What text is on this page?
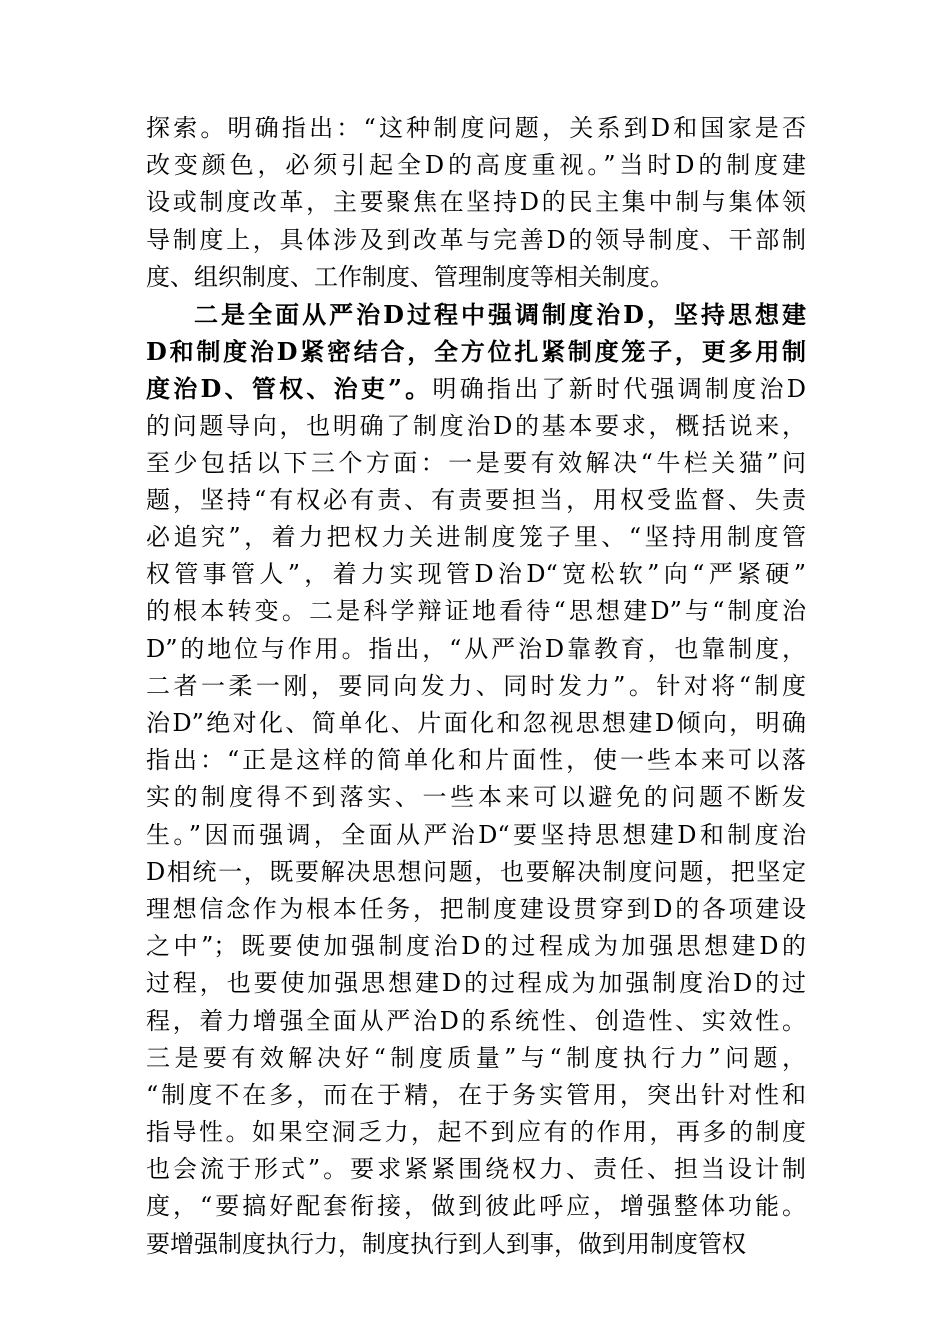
探索。明确指出：“这种制度问题，关系到D和国家是否
改变颜色，必须引起全D的高度重视。”当时D的制度建
设或制度改革，主要聚焦在坚持D的民主集中制与集体领
导制度上，具体涉及到改革与完善D的领导制度、干部制
度、组织制度、工作制度、管理制度等相关制度。
二是全面从严治D过程中强调制度治D，坚持思想建
D和制度治D紧密结合，全方位扎紧制度笼子，更多用制
度治D、管权、治吏”。明确指出了新时代强调制度治D
的问题导向，也明确了制度治D的基本要求，概括说来，
至少包括以下三个方面：一是要有效解决“牛栏关猫”问
题，坚持“有权必有责、有责要担当，用权受监督、失责
必追究”，着力把权力关进制度笼子里、“坚持用制度管
权管事管人”，着力实现管D治D“宽松软”向“严紧硬”
的根本转变。二是科学辩证地看待“思想建D”与“制度治
D”的地位与作用。指出，“从严治D靠教育，也靠制度，
二者一柔一刚，要同向发力、同时发力”。针对将“制度
治D”绝对化、简单化、片面化和忽视思想建D倾向，明确
指出：“正是这样的简单化和片面性，使一些本来可以落
实的制度得不到落实、一些本来可以避免的问题不断发
生。”因而强调，全面从严治D“要坚持思想建D和制度治
D相统一，既要解决思想问题，也要解决制度问题，把坚定
理想信念作为根本任务，把制度建设贯穿到D的各项建设
之中”；既要使加强制度治D的过程成为加强思想建D的
过程，也要使加强思想建D的过程成为加强制度治D的过
程，着力增强全面从严治D的系统性、创造性、实效性。
三是要有效解决好“制度质量”与“制度执行力”问题，
“制度不在多，而在于精，在于务实管用，突出针对性和
指导性。如果空洞乏力，起不到应有的作用，再多的制度
也会流于形式”。要求紧紧围绕权力、责任、担当设计制
度，“要搞好配套衔接，做到彼此呼应，增强整体功能。
要增强制度执行力，制度执行到人到事，做到用制度管权
